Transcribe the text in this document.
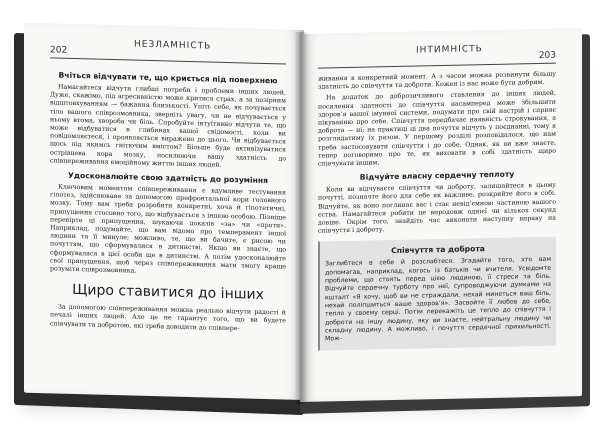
202	НЕЗЛАМНІСТЬ
Вчіться відчувати те, що криється під поверхнею

Намагайтеся відчути глибші потреби і проблеми інших людей. Дуже, скажімо, під агресивністю може критися страх, а за позірним відштовхуванням — бажання близькості. Упіть себе, як почувається тіло вашого співрозмовника, зверніть увагу, чи не відчувається у ньому втома, хвороба чи біль. Спробуйте інтуїтивно відчути те, що може відбуватися в глибинах вашої свідомості, коли ви повідомляєтеся, і проявляється виражено до цього. Чи відбувається щось під якимсь гнітючим вмістом? Більше буде активізуватися острівцева кора мозку, посилюючи вашу здатність до співпереживання емоційному життю інших людей.

Удосконалюйте свою здатність до розуміння

Ключовим моментом співпереживання є вдумливе тестування гіпотез, здійснюване за допомогою префронтальної кори головного мозку. Тому вам треба розробити конкретні, хоча й гіпотетичні, припущення стосовно того, що відбувається з іншою особою. Пізніше перевірте ці припущення, шукаючи доказів «за» чи «проти». Наприклад, подумайте, що вам відомо про темперамент іншої людини та її минуле; можливо, те, що ви бачите, є рисою чи почуттям, що сформувалися в дитинстві. Якщо ви знаєте, що сформувалася в цієї особи ще в дитинстві. А потім удосконалюйте свої припущення, щоб через співпереживання мати змогу краще розуміти співрозмовника.

Щиро ставитися до інших

За допомогою співпереживання можна реально відчути радості й печалі інших людей. Але це не гарантує того, що ви будете співчувати та добротою, які треба доводити до співпере-

ІНТИМНІСТЬ
203

живання в конкретний момент. А з часом можна розвинути більшу здатність до співчуття та доброти. Кожен із нас може бути добрим.

На додаток до доброзичливого ставлення до інших людей, посилення здатності до співчуття насамперед може збільшити здоров’я вашої імунної системи, подумати про свій настрій і сприяє пікуванню про себе. Співчуття передбачає наявність строкування, а доброта — ні; на практиці ці два почуття відчуть у поєднанні, тому я розглядатиму їх разом. У першому розділі розповідалося, що нам треба застосовувати співчуття і до себе. Однак, як ви вже знаєте, тепер поговоримо про те, як виховати в собі здатність щиро співчувати іншим.

Відчуйте власну сердечну теплоту

Коли ви відчуваєте співчуття чи доброту, залишайтеся в цьому почутті, позначте його для себе як важливе, розкрийте його в собі. Відчуйте, як воно поглинає вас і стає невід’ємною частиною вашого єства. Намагайтеся робити це впродовж однієї чи кількох секунд довше. Окрім того, знайдіть час виконати наступну вправу на співчуття і доброту.

Співчуття та доброта

Заглибтеся в себе й розслабтеся. Згадайте того, хто вам допомагав, наприклад, когось із батьків чи вчителя. Усвідомте проблеми, що стоять перед цією людиною, її стреси та біль. Відчуйте сердечну турботу про неї, супроводжуючи думками на кшталт «Я хочу, щоб ви не страждали, нехай минеться ваш біль, нехай поліпшиться ваше здоров’я». Засвойте її любов до себе, тепло у своєму серці. Потім перекажіть це тепло до співчуття і доброти на іншу людину, яку ви знаєте, нейтральну людину чи складну людину. А можливо, і почуття сердечної прихильності. Мож-
